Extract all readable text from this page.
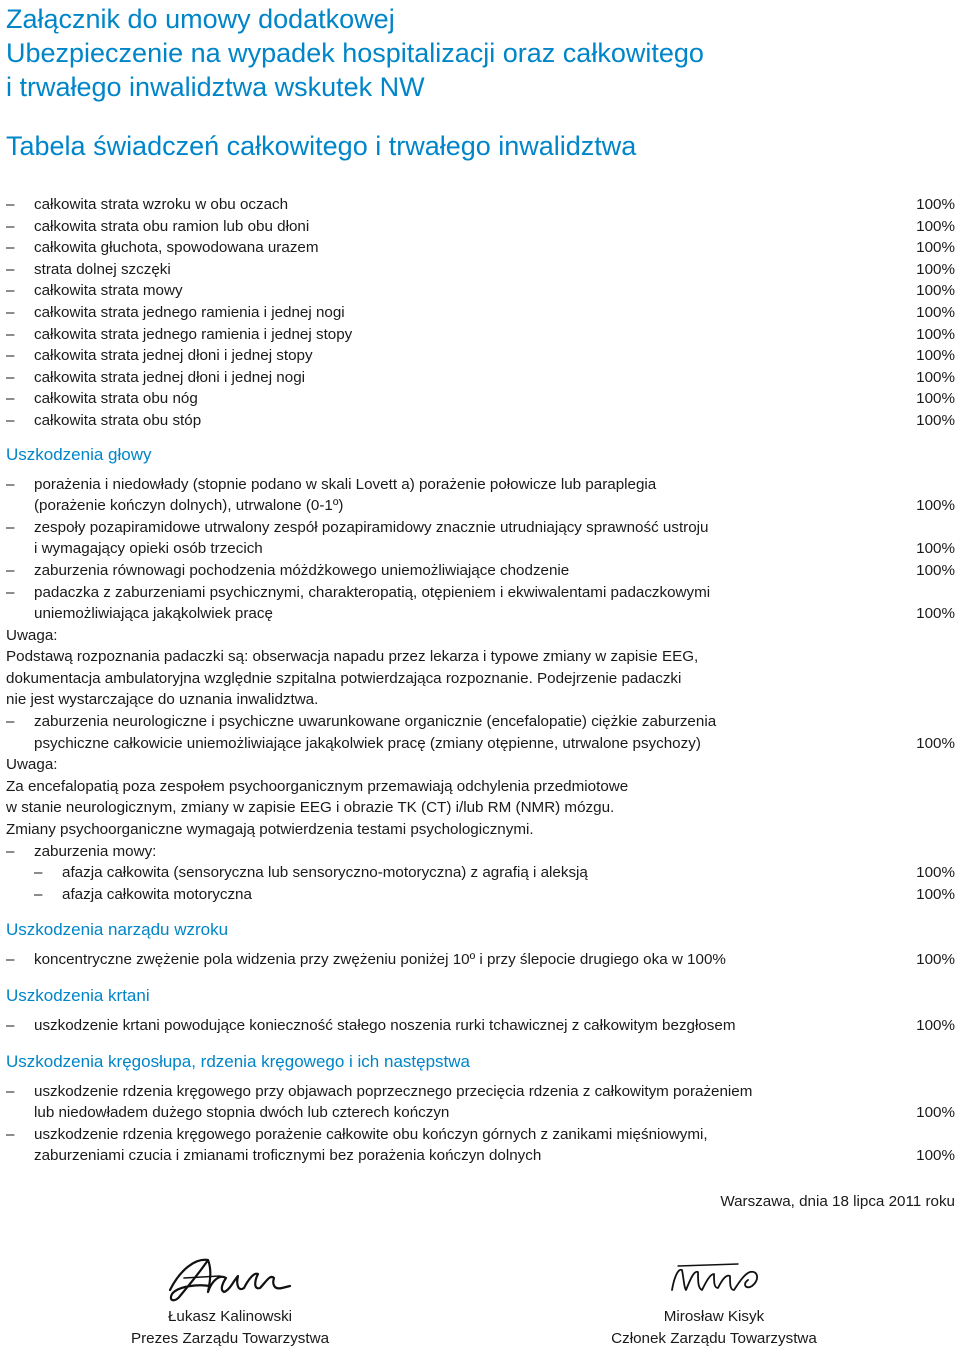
Załącznik do umowy dodatkowej
Ubezpieczenie na wypadek hospitalizacji oraz całkowitego
i trwałego inwalidztwa wskutek NW
Tabela świadczeń całkowitego i trwałego inwalidztwa
–	całkowita strata wzroku w obu oczach	100%
–	całkowita strata obu ramion lub obu dłoni	100%
–	całkowita głuchota, spowodowana urazem	100%
–	strata dolnej szczęki	100%
–	całkowita strata mowy	100%
–	całkowita strata jednego ramienia i jednej nogi	100%
–	całkowita strata jednego ramienia i jednej stopy	100%
–	całkowita strata jednej dłoni i jednej stopy	100%
–	całkowita strata jednej dłoni i jednej nogi	100%
–	całkowita strata obu nóg	100%
–	całkowita strata obu stóp	100%
Uszkodzenia głowy
–	porażenia i niedowłady (stopnie podano w skali Lovett a) porażenie połowicze lub paraplegia
(porażenie kończyn dolnych), utrwalone (0-1º)	100%
–	zespoły pozapiramidowe utrwalony zespół pozapiramidowy znacznie utrudniający sprawność ustroju
i wymagający opieki osób trzecich	100%
–	zaburzenia równowagi pochodzenia móżdżkowego uniemożliwiające chodzenie	100%
–	padaczka z zaburzeniami psychicznymi, charakteropatią, otępieniem i ekwiwalentami padaczkowymi
uniemożliwiająca jakąkolwiek pracę	100%
Uwaga:
Podstawą rozpoznania padaczki są: obserwacja napadu przez lekarza i typowe zmiany w zapisie EEG,
dokumentacja ambulatoryjna względnie szpitalna potwierdzająca rozpoznanie. Podejrzenie padaczki
nie jest wystarczające do uznania inwalidztwa.
–	zaburzenia neurologiczne i psychiczne uwarunkowane organicznie (encefalopatie) ciężkie zaburzenia
psychiczne całkowicie uniemożliwiające jakąkolwiek pracę (zmiany otępienne, utrwalone psychozy)	100%
Uwaga:
Za encefalopatią poza zespołem psychoorganicznym przemawiają odchylenia przedmiotowe
w stanie neurologicznym, zmiany w zapisie EEG i obrazie TK (CT) i/lub RM (NMR) mózgu.
Zmiany psychoorganiczne wymagają potwierdzenia testami psychologicznymi.
–	zaburzenia mowy:
–	afazja całkowita (sensoryczna lub sensoryczno-motoryczna) z agrafią i aleksją	100%
–	afazja całkowita motoryczna	100%
Uszkodzenia narządu wzroku
–	koncentryczne zwężenie pola widzenia przy zwężeniu poniżej 10º i przy ślepocie drugiego oka w 100%	100%
Uszkodzenia krtani
–	uszkodzenie krtani powodujące konieczność stałego noszenia rurki tchawicznej z całkowitym bezgłosem	100%
Uszkodzenia kręgosłupa, rdzenia kręgowego i ich następstwa
–	uszkodzenie rdzenia kręgowego przy objawach poprzecznego przecięcia rdzenia z całkowitym porażeniem
lub niedowładem dużego stopnia dwóch lub czterech kończyn	100%
–	uszkodzenie rdzenia kręgowego porażenie całkowite obu kończyn górnych z zanikami mięśniowymi,
zaburzeniami czucia i zmianami troficznymi bez porażenia kończyn dolnych	100%
Warszawa, dnia 18 lipca 2011 roku
Łukasz Kalinowski
Prezes Zarządu Towarzystwa
Mirosław Kisyk
Członek Zarządu Towarzystwa
